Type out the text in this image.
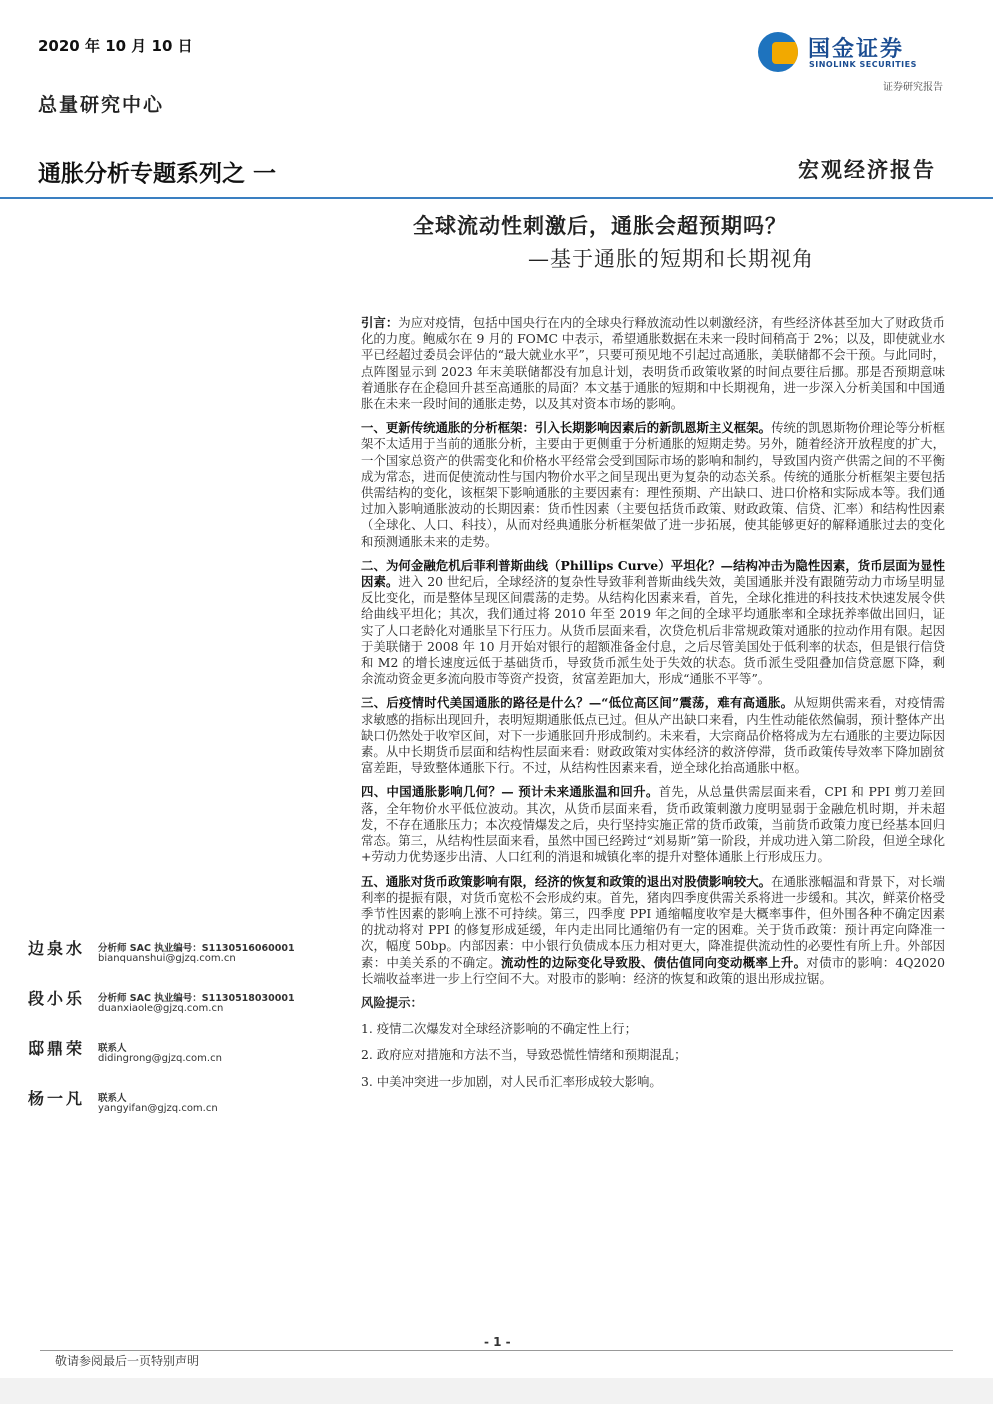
2020 年 10 月 10 日
总量研究中心
国金证券
SINOLINK SECURITIES
证券研究报告
通胀分析专题系列之 一	宏观经济报告
全球流动性刺激后，通胀会超预期吗？
—基于通胀的短期和长期视角

引言：为应对疫情，包括中国央行在内的全球央行释放流动性以刺激经济，有些经济体甚至加大了财政货币化的力度。鲍威尔在 9 月的 FOMC 中表示，希望通胀数据在未来一段时间稍高于 2%；以及，即使就业水平已经超过委员会评估的“最大就业水平”，只要可预见地不引起过高通胀，美联储都不会干预。与此同时，点阵图显示到 2023 年末美联储都没有加息计划，表明货币政策收紧的时间点要往后挪。那是否预期意味着通胀存在企稳回升甚至高通胀的局面？本文基于通胀的短期和中长期视角，进一步深入分析美国和中国通胀在未来一段时间的通胀走势，以及其对资本市场的影响。

一、更新传统通胀的分析框架：引入长期影响因素后的新凯恩斯主义框架。传统的凯恩斯物价理论等分析框架不太适用于当前的通胀分析，主要由于更侧重于分析通胀的短期走势。另外，随着经济开放程度的扩大，一个国家总资产的供需变化和价格水平经常会受到国际市场的影响和制约，导致国内资产供需之间的不平衡成为常态，进而促使流动性与国内物价水平之间呈现出更为复杂的动态关系。传统的通胀分析框架主要包括供需结构的变化，该框架下影响通胀的主要因素有：理性预期、产出缺口、进口价格和实际成本等。我们通过加入影响通胀波动的长期因素：货币性因素（主要包括货币政策、财政政策、信贷、汇率）和结构性因素（全球化、人口、科技），从而对经典通胀分析框架做了进一步拓展，使其能够更好的解释通胀过去的变化和预测通胀未来的走势。

二、为何金融危机后菲利普斯曲线（Phillips Curve）平坦化？—结构冲击为隐性因素，货币层面为显性因素。进入 20 世纪后，全球经济的复杂性导致菲利普斯曲线失效，美国通胀并没有跟随劳动力市场呈明显反比变化，而是整体呈现区间震荡的走势。从结构化因素来看，首先，全球化推进的科技技术快速发展令供给曲线平坦化；其次，我们通过将 2010 年至 2019 年之间的全球平均通胀率和全球抚养率做出回归，证实了人口老龄化对通胀呈下行压力。从货币层面来看，次贷危机后非常规政策对通胀的拉动作用有限。起因于美联储于 2008 年 10 月开始对银行的超额准备金付息，之后尽管美国处于低利率的状态，但是银行信贷和 M2 的增长速度远低于基础货币，导致货币派生处于失效的状态。货币派生受阻叠加信贷意愿下降，剩余流动资金更多流向股市等资产投资，贫富差距加大，形成“通胀不平等”。

三、后疫情时代美国通胀的路径是什么？—“低位高区间”震荡，难有高通胀。从短期供需来看，对疫情需求敏感的指标出现回升，表明短期通胀低点已过。但从产出缺口来看，内生性动能依然偏弱，预计整体产出缺口仍然处于收窄区间，对下一步通胀回升形成制约。未来看，大宗商品价格将成为左右通胀的主要边际因素。从中长期货币层面和结构性层面来看：财政政策对实体经济的救济停滞，货币政策传导效率下降加剧贫富差距，导致整体通胀下行。不过，从结构性因素来看，逆全球化抬高通胀中枢。

四、中国通胀影响几何？— 预计未来通胀温和回升。首先，从总量供需层面来看，CPI 和 PPI 剪刀差回落，全年物价水平低位波动。其次，从货币层面来看，货币政策刺激力度明显弱于金融危机时期，并未超发，不存在通胀压力；本次疫情爆发之后，央行坚持实施正常的货币政策，当前货币政策力度已经基本回归常态。第三，从结构性层面来看，虽然中国已经跨过“刘易斯”第一阶段，并成功进入第二阶段，但逆全球化+劳动力优势逐步出清、人口红利的消退和城镇化率的提升对整体通胀上行形成压力。

五、通胀对货币政策影响有限，经济的恢复和政策的退出对股债影响较大。在通胀涨幅温和背景下，对长端利率的提振有限，对货币宽松不会形成约束。首先，猪肉四季度供需关系将进一步缓和。其次，鲜菜价格受季节性因素的影响上涨不可持续。第三，四季度 PPI 通缩幅度收窄是大概率事件，但外围各种不确定因素的扰动将对 PPI 的修复形成延缓，年内走出同比通缩仍有一定的困难。关于货币政策：预计再定向降准一次，幅度 50bp。内部因素：中小银行负债成本压力相对更大，降准提供流动性的必要性有所上升。外部因素：中美关系的不确定。流动性的边际变化导致股、债估值同向变动概率上升。对债市的影响：4Q2020 长端收益率进一步上行空间不大。对股市的影响：经济的恢复和政策的退出形成拉锯。

风险提示：

1. 疫情二次爆发对全球经济影响的不确定性上行；

2. 政府应对措施和方法不当，导致恐慌性情绪和预期混乱；

3. 中美冲突进一步加剧，对人民币汇率形成较大影响。

边泉水 分析师 SAC 执业编号：S1130516060001
bianquanshui@gjzq.com.cn
段小乐 分析师 SAC 执业编号：S1130518030001
duanxiaole@gjzq.com.cn
邸鼎荣 联系人
didingrong@gjzq.com.cn
杨一凡 联系人
yangyifan@gjzq.com.cn
- 1 -
敬请参阅最后一页特别声明
